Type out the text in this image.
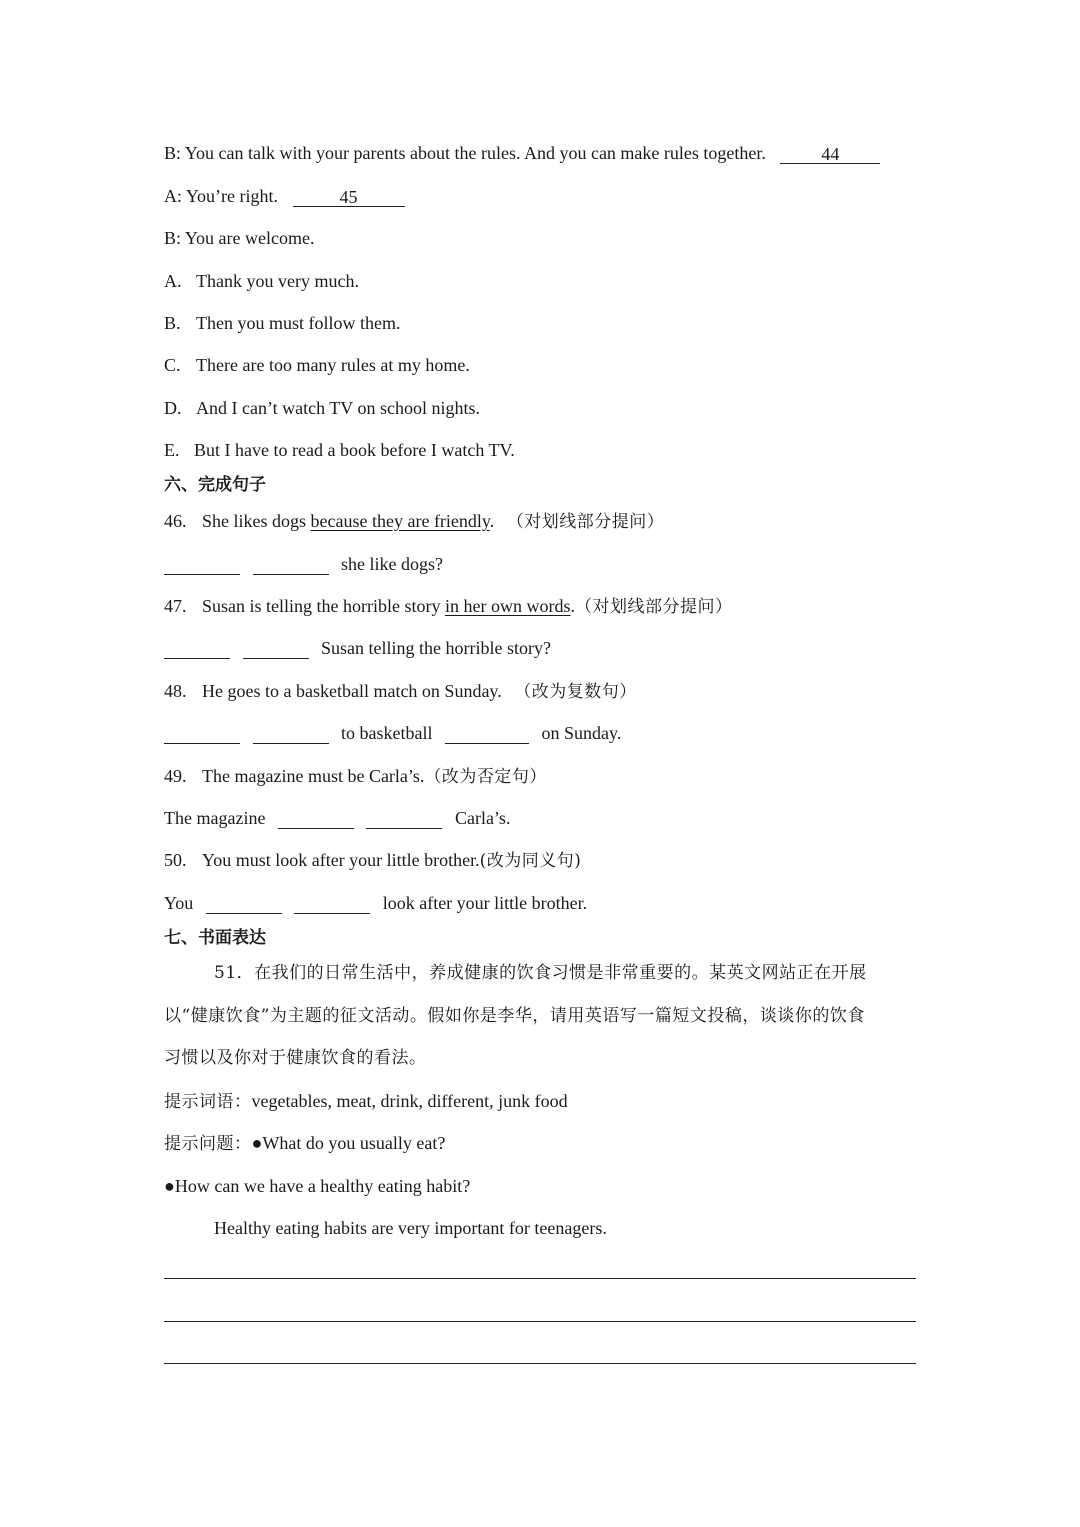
B: You can talk with your parents about the rules. And you can make rules together.	44
A: You’re right.	45
B: You are welcome.
A. Thank you very much.
B. Then you must follow them.
C. There are too many rules at my home.
D. And I can’t watch TV on school nights.
E. But I have to read a book before I watch TV.
六、完成句子
46. She likes dogs because they are friendly. （对划线部分提问）
she like dogs?
47. Susan is telling the horrible story in her own words.（对划线部分提问）
Susan telling the horrible story?
48. He goes to a basketball match on Sunday. （改为复数句）
to basketball	on Sunday.
49. The magazine must be Carla’s.（改为否定句）
The magazine	Carla’s.
50. You must look after your little brother.(改为同义句)
You	look after your little brother.
七、书面表达
51．在我们的日常生活中，养成健康的饮食习惯是非常重要的。某英文网站正在开展
以“健康饮食”为主题的征文活动。假如你是李华，请用英语写一篇短文投稿，谈谈你的饮食
习惯以及你对于健康饮食的看法。
提示词语：vegetables, meat, drink, different, junk food
提示问题：●What do you usually eat?
●How can we have a healthy eating habit?
Healthy eating habits are very important for teenagers.
